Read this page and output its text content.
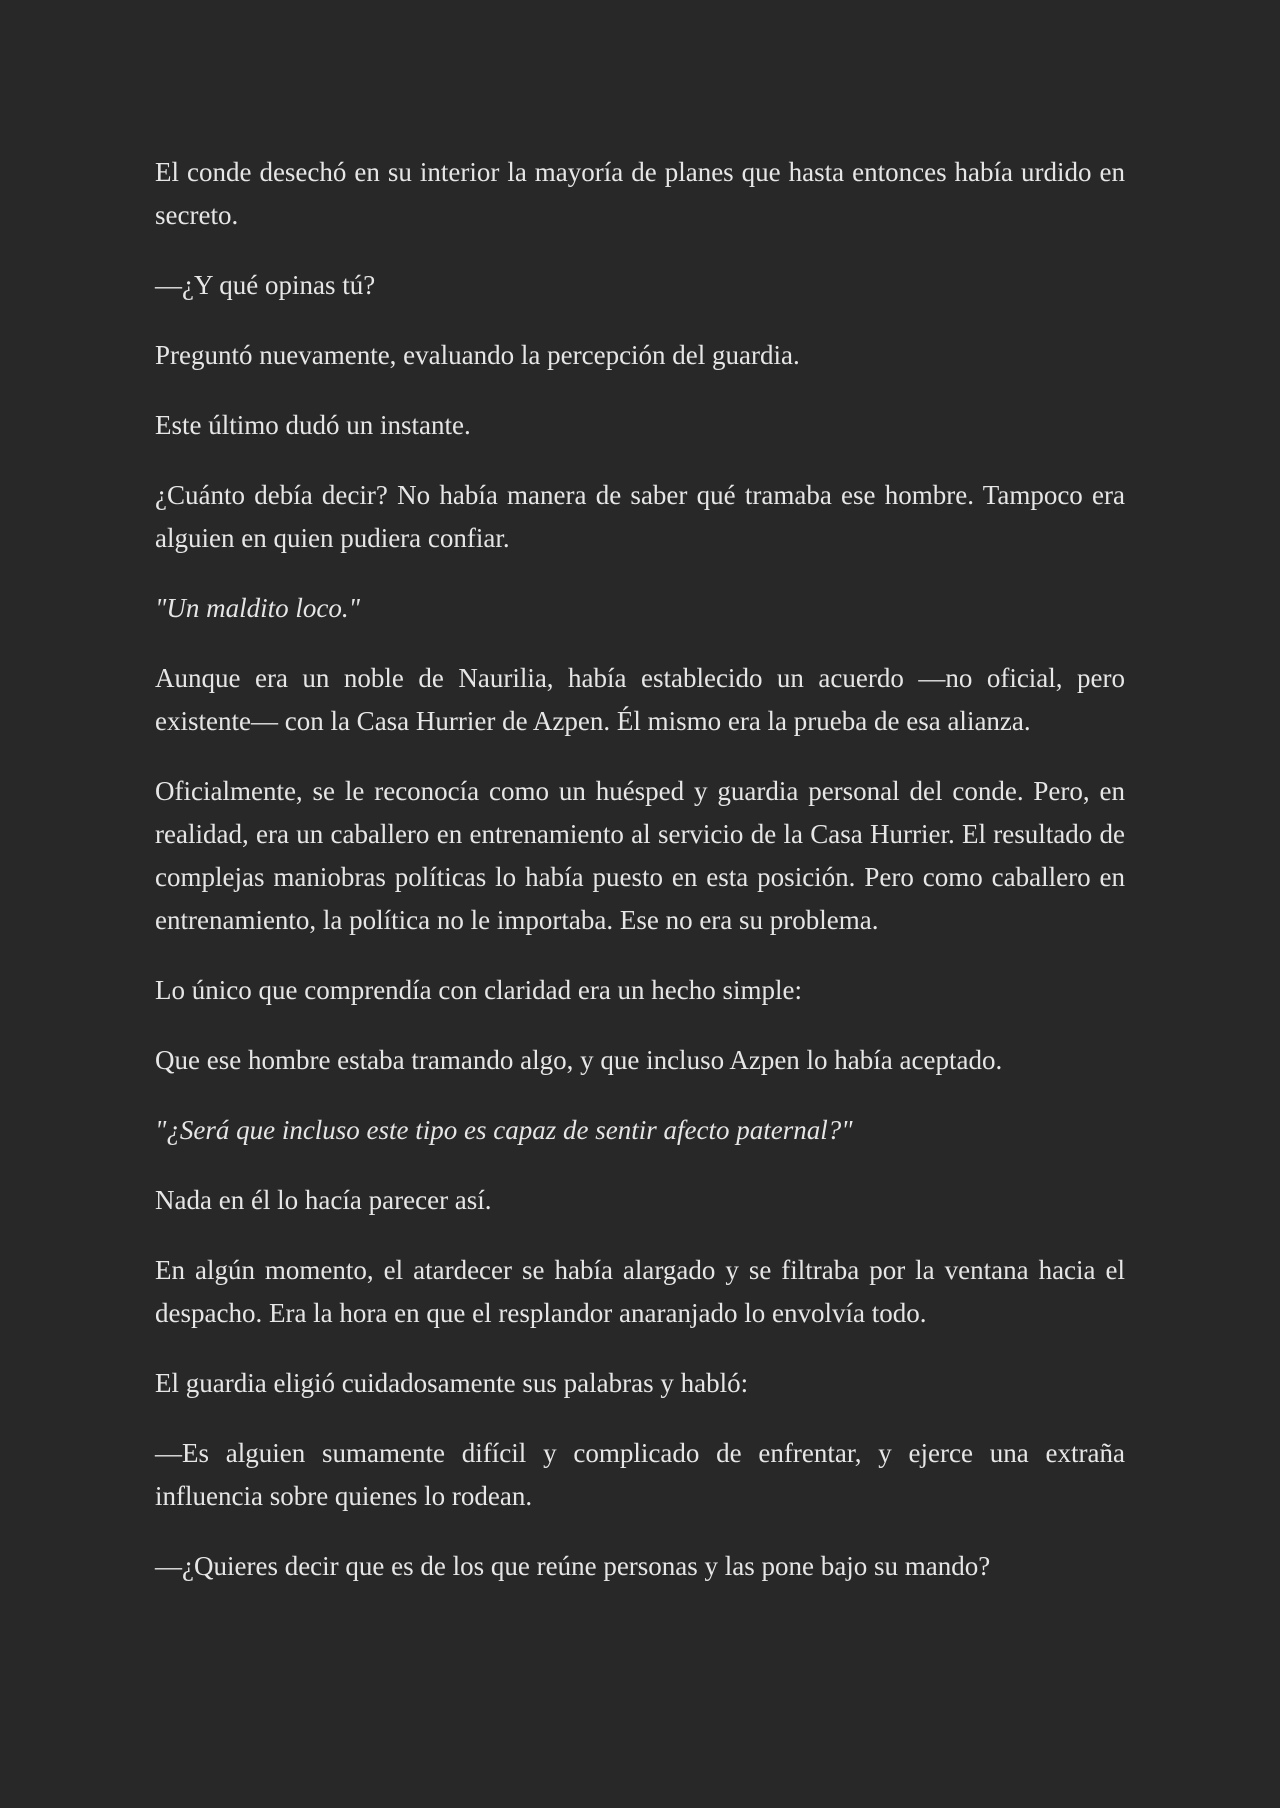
El conde desechó en su interior la mayoría de planes que hasta entonces había urdido en secreto.

—¿Y qué opinas tú?

Preguntó nuevamente, evaluando la percepción del guardia.

Este último dudó un instante.

¿Cuánto debía decir? No había manera de saber qué tramaba ese hombre. Tampoco era alguien en quien pudiera confiar.

"Un maldito loco."

Aunque era un noble de Naurilia, había establecido un acuerdo —no oficial, pero existente— con la Casa Hurrier de Azpen. Él mismo era la prueba de esa alianza.

Oficialmente, se le reconocía como un huésped y guardia personal del conde. Pero, en realidad, era un caballero en entrenamiento al servicio de la Casa Hurrier. El resultado de complejas maniobras políticas lo había puesto en esta posición. Pero como caballero en entrenamiento, la política no le importaba. Ese no era su problema.

Lo único que comprendía con claridad era un hecho simple:

Que ese hombre estaba tramando algo, y que incluso Azpen lo había aceptado.

"¿Será que incluso este tipo es capaz de sentir afecto paternal?"

Nada en él lo hacía parecer así.

En algún momento, el atardecer se había alargado y se filtraba por la ventana hacia el despacho. Era la hora en que el resplandor anaranjado lo envolvía todo.

El guardia eligió cuidadosamente sus palabras y habló:

—Es alguien sumamente difícil y complicado de enfrentar, y ejerce una extraña influencia sobre quienes lo rodean.

—¿Quieres decir que es de los que reúne personas y las pone bajo su mando?
